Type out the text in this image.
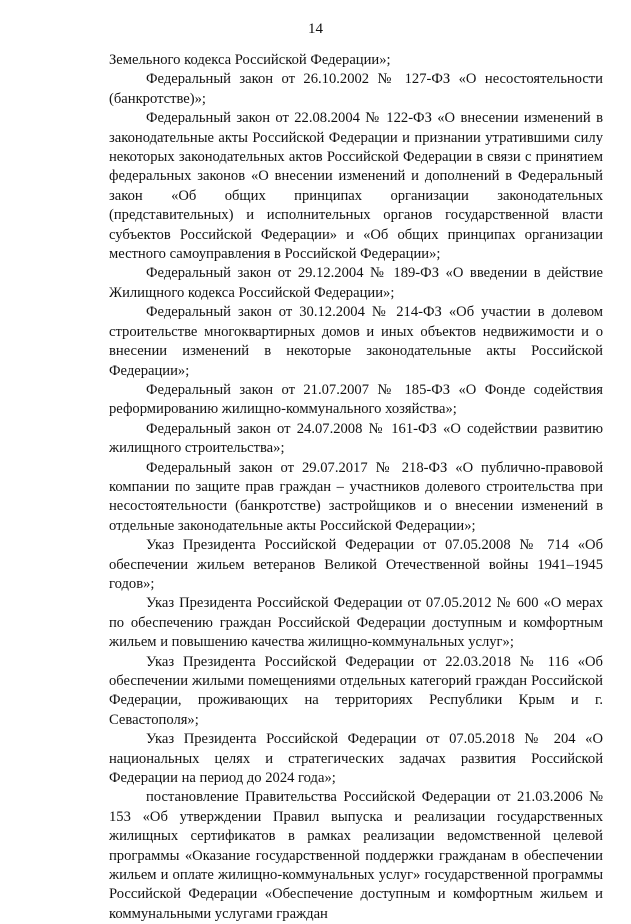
14

Земельного кодекса Российской Федерации»;

Федеральный закон от 26.10.2002 № 127-ФЗ «О несостоятельности (банкротстве)»;

Федеральный закон от 22.08.2004 № 122-ФЗ «О внесении изменений в законодательные акты Российской Федерации и признании утратившими силу некоторых законодательных актов Российской Федерации в связи с принятием федеральных законов «О внесении изменений и дополнений в Федеральный закон «Об общих принципах организации законодательных (представительных) и исполнительных органов государственной власти субъектов Российской Федерации» и «Об общих принципах организации местного самоуправления в Российской Федерации»;

Федеральный закон от 29.12.2004 № 189-ФЗ «О введении в действие Жилищного кодекса Российской Федерации»;

Федеральный закон от 30.12.2004 № 214-ФЗ «Об участии в долевом строительстве многоквартирных домов и иных объектов недвижимости и о внесении изменений в некоторые законодательные акты Российской Федерации»;

Федеральный закон от 21.07.2007 № 185-ФЗ «О Фонде содействия реформированию жилищно-коммунального хозяйства»;

Федеральный закон от 24.07.2008 № 161-ФЗ «О содействии развитию жилищного строительства»;

Федеральный закон от 29.07.2017 № 218-ФЗ «О публично-правовой компании по защите прав граждан – участников долевого строительства при несостоятельности (банкротстве) застройщиков и о внесении изменений в отдельные законодательные акты Российской Федерации»;

Указ Президента Российской Федерации от 07.05.2008 № 714 «Об обеспечении жильем ветеранов Великой Отечественной войны 1941–1945 годов»;

Указ Президента Российской Федерации от 07.05.2012 № 600 «О мерах по обеспечению граждан Российской Федерации доступным и комфортным жильем и повышению качества жилищно-коммунальных услуг»;

Указ Президента Российской Федерации от 22.03.2018 № 116 «Об обеспечении жилыми помещениями отдельных категорий граждан Российской Федерации, проживающих на территориях Республики Крым и г. Севастополя»;

Указ Президента Российской Федерации от 07.05.2018 № 204 «О национальных целях и стратегических задачах развития Российской Федерации на период до 2024 года»;

постановление Правительства Российской Федерации от 21.03.2006 № 153 «Об утверждении Правил выпуска и реализации государственных жилищных сертификатов в рамках реализации ведомственной целевой программы «Оказание государственной поддержки гражданам в обеспечении жильем и оплате жилищно-коммунальных услуг» государственной программы Российской Федерации «Обеспечение доступным и комфортным жильем и коммунальными услугами граждан
